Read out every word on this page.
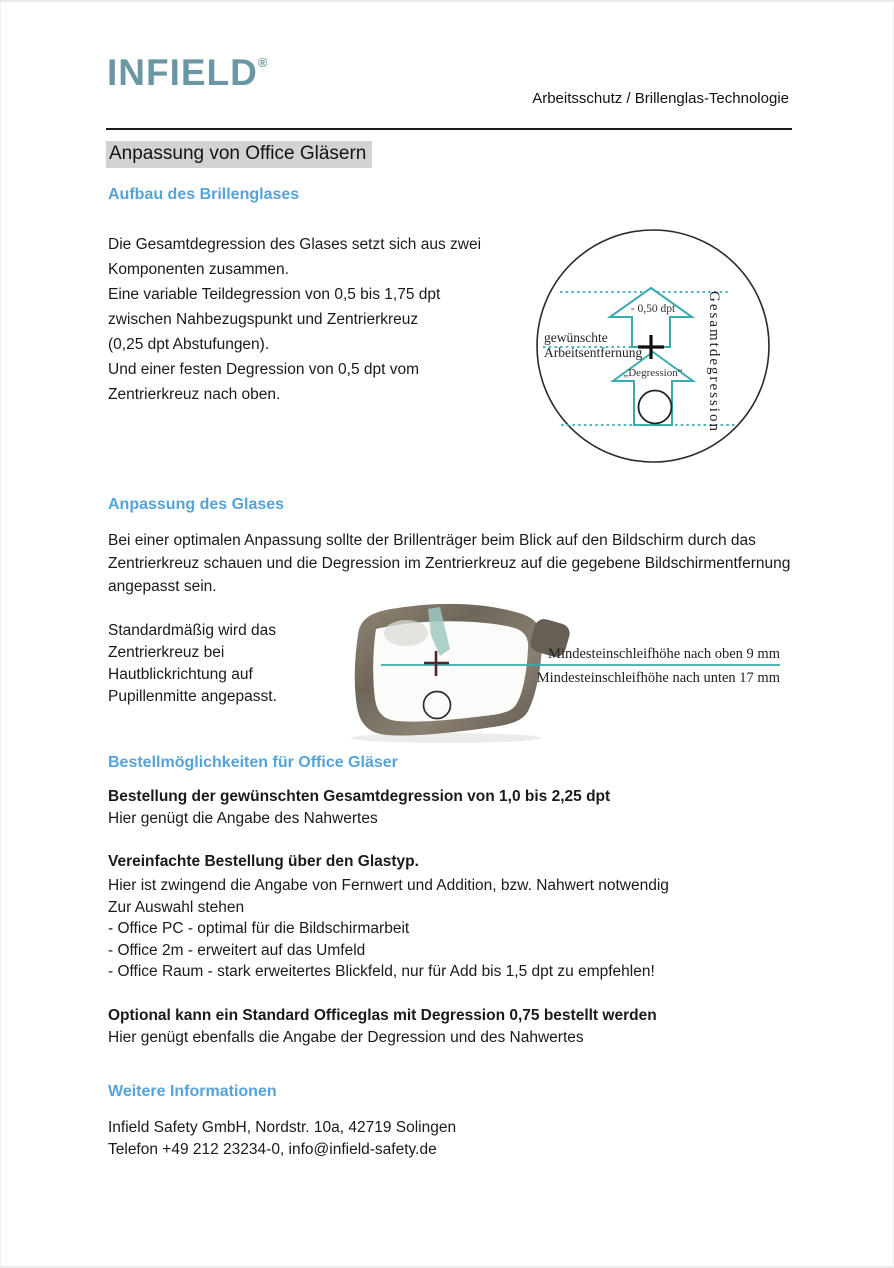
INFIELD®
Arbeitsschutz / Brillenglas-Technologie
Anpassung von Office Gläsern
Aufbau des Brillenglases
Die Gesamtdegression des Glases setzt sich aus zwei
Komponenten zusammen.
Eine variable Teildegression von 0,5 bis 1,75 dpt
zwischen Nahbezugspunkt und Zentrierkreuz
(0,25 dpt Abstufungen).
Und einer festen Degression von 0,5 dpt vom
Zentrierkreuz nach oben.
- 0,50 dpt
„Degression“
gewünschte
Arbeitsentfernung	Gesamtdegression
Anpassung des Glases
Bei einer optimalen Anpassung sollte der Brillenträger beim Blick auf den Bildschirm durch das
Zentrierkreuz schauen und die Degression im Zentrierkreuz auf die gegebene Bildschirmentfernung
angepasst sein.
Standardmäßig wird das
Zentrierkreuz bei
Hautblickrichtung auf
Pupillenmitte angepasst.
Mindesteinschleifhöhe nach oben 9 mm
Mindesteinschleifhöhe nach unten 17 mm
Bestellmöglichkeiten für Office Gläser
Bestellung der gewünschten Gesamtdegression von 1,0 bis 2,25 dpt
Hier genügt die Angabe des Nahwertes
Vereinfachte Bestellung über den Glastyp.
Hier ist zwingend die Angabe von Fernwert und Addition, bzw. Nahwert notwendig
Zur Auswahl stehen
- Office PC - optimal für die Bildschirmarbeit
- Office 2m - erweitert auf das Umfeld
- Office Raum - stark erweitertes Blickfeld, nur für Add bis 1,5 dpt zu empfehlen!
Optional kann ein Standard Officeglas mit Degression 0,75 bestellt werden
Hier genügt ebenfalls die Angabe der Degression und des Nahwertes
Weitere Informationen
Infield Safety GmbH, Nordstr. 10a, 42719 Solingen
Telefon +49 212 23234-0, info@infield-safety.de
